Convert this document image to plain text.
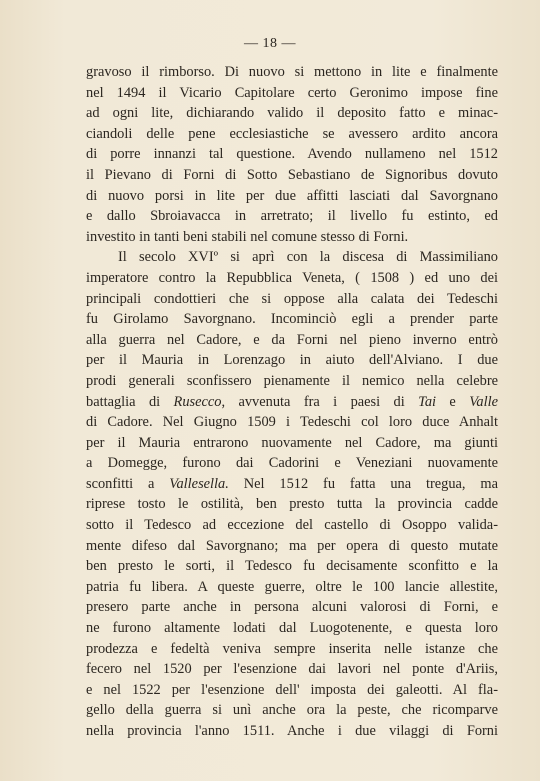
— 18 —
gravoso il rimborso. Di nuovo si mettono in lite e finalmente
nel 1494 il Vicario Capitolare certo Geronimo impose fine
ad ogni lite, dichiarando valido il deposito fatto e minac-
ciandoli delle pene ecclesiastiche se avessero ardito ancora
di porre innanzi tal questione. Avendo nullameno nel 1512
il Pievano di Forni di Sotto Sebastiano de Signoribus dovuto
di nuovo porsi in lite per due affitti lasciati dal Savorgnano
e dallo Sbroiavacca in arretrato; il livello fu estinto, ed
investito in tanti beni stabili nel comune stesso di Forni.
Il secolo XVIº si aprì con la discesa di Massimiliano
imperatore contro la Repubblica Veneta, ( 1508 ) ed uno dei
principali condottieri che si oppose alla calata dei Tedeschi
fu Girolamo Savorgnano. Incominciò egli a prender parte
alla guerra nel Cadore, e da Forni nel pieno inverno entrò
per il Mauria in Lorenzago in aiuto dell'Alviano. I due
prodi generali sconfissero pienamente il nemico nella celebre
battaglia di Rusecco, avvenuta fra i paesi di Tai e Valle
di Cadore. Nel Giugno 1509 i Tedeschi col loro duce Anhalt
per il Mauria entrarono nuovamente nel Cadore, ma giunti
a Domegge, furono dai Cadorini e Veneziani nuovamente
sconfitti a Vallesella. Nel 1512 fu fatta una tregua, ma
riprese tosto le ostilità, ben presto tutta la provincia cadde
sotto il Tedesco ad eccezione del castello di Osoppo valida-
mente difeso dal Savorgnano; ma per opera di questo mutate
ben presto le sorti, il Tedesco fu decisamente sconfitto e la
patria fu libera. A queste guerre, oltre le 100 lancie allestite,
presero parte anche in persona alcuni valorosi di Forni, e
ne furono altamente lodati dal Luogotenente, e questa loro
prodezza e fedeltà veniva sempre inserita nelle istanze che
fecero nel 1520 per l'esenzione dai lavori nel ponte d'Ariis,
e nel 1522 per l'esenzione dell' imposta dei galeotti. Al fla-
gello della guerra si unì anche ora la peste, che ricomparve
nella provincia l'anno 1511. Anche i due vilaggi di Forni
